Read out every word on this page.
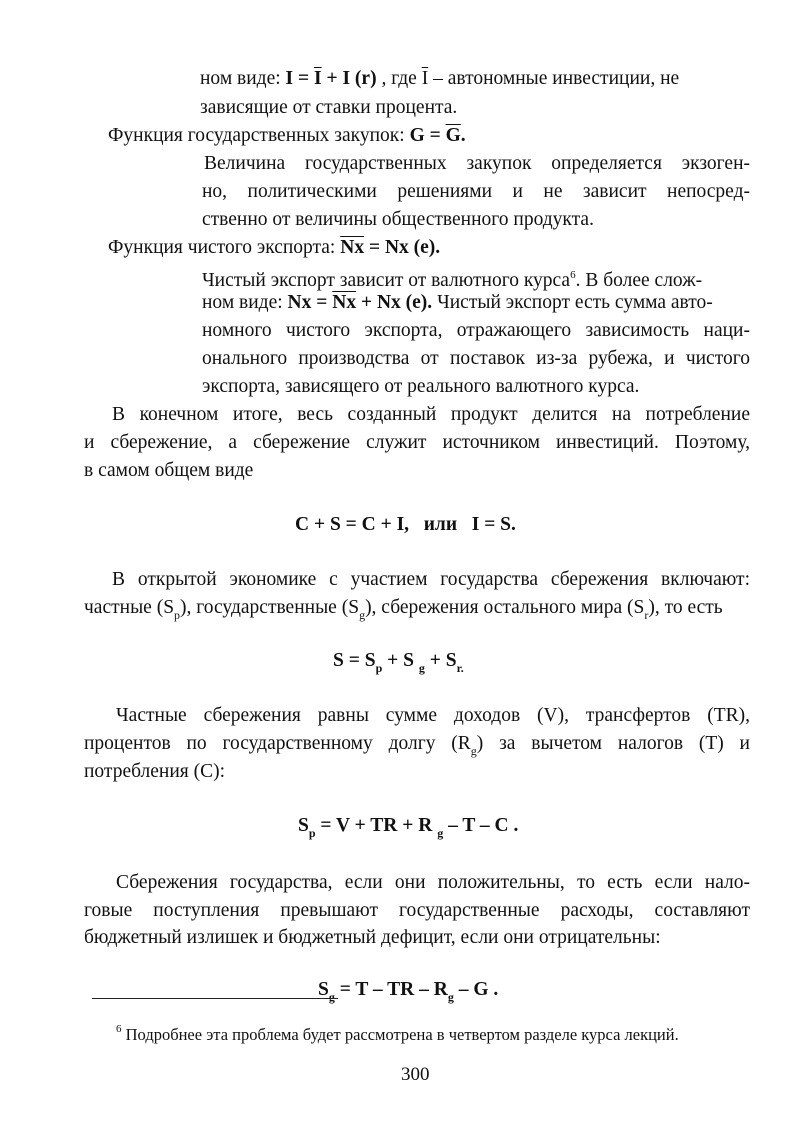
ном виде: $I = \overline{I} + I$ (r) , где $\overline{I}$ – автономные инвестиции, не
зависящие от ставки процента.
Функция государственных закупок: $G = \overline{G}$.
Величина государственных закупок определяется экзоген-
но, политическими решениями и не зависит непосред-
ственно от величины общественного продукта.
Функция чистого экспорта: $\overline{Nx} = Nx$ (e).
Чистый экспорт зависит от валютного курса$^6$. В более слож-
ном виде: $Nx = \overline{Nx} + Nx$ (e). Чистый экспорт есть сумма авто-
номного чистого экспорта, отражающего зависимость наци-
онального производства от поставок из-за рубежа, и чистого
экспорта, зависящего от реального валютного курса.
В конечном итоге, весь созданный продукт делится на потребление
и сбережение, а сбережение служит источником инвестиций. Поэтому,
в самом общем виде
C + S = C + I, или I = S.
В открытой экономике с участием государства сбережения включают:
частные $(S_p)$, государственные $(S_g)$, сбережения остального мира $(S_r)$, то есть
$S = S_p + S$ $_g + S_{r.}$
Частные сбережения равны сумме доходов (V), трансфертов (TR),
процентов по государственному долгу $(R_g)$ за вычетом налогов (T) и
потребления (C):
$S_p = V$ + TR + R $_g$ – T – C .
Сбережения государства, если они положительны, то есть если нало-
говые поступления превышают государственные расходы, составляют
бюджетный излишек и бюджетный дефицит, если они отрицательны:
$S_g = T$ – TR – $R_g$ – G .
$^6$ Подробнее эта проблема будет рассмотрена в четвертом разделе курса лекций.
300
